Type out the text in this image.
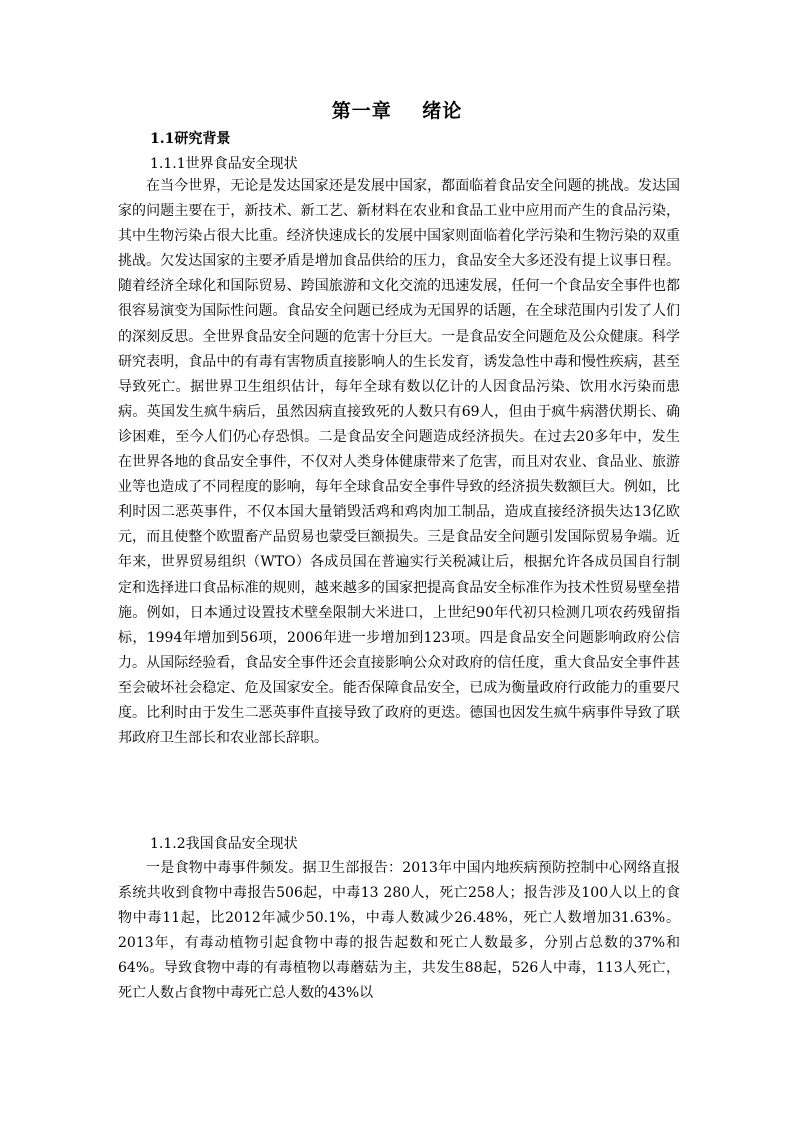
第一章    绪论
1.1研究背景
1.1.1世界食品安全现状

在当今世界，无论是发达国家还是发展中国家，都面临着食品安全问题的挑战。发达国家的问题主要在于，新技术、新工艺、新材料在农业和食品工业中应用而产生的食品污染，其中生物污染占很大比重。经济快速成长的发展中国家则面临着化学污染和生物污染的双重挑战。欠发达国家的主要矛盾是增加食品供给的压力，食品安全大多还没有提上议事日程。随着经济全球化和国际贸易、跨国旅游和文化交流的迅速发展，任何一个食品安全事件也都很容易演变为国际性问题。食品安全问题已经成为无国界的话题，在全球范围内引发了人们的深刻反思。全世界食品安全问题的危害十分巨大。一是食品安全问题危及公众健康。科学研究表明，食品中的有毒有害物质直接影响人的生长发育，诱发急性中毒和慢性疾病，甚至导致死亡。据世界卫生组织估计，每年全球有数以亿计的人因食品污染、饮用水污染而患病。英国发生疯牛病后，虽然因病直接致死的人数只有69人，但由于疯牛病潜伏期长、确诊困难，至今人们仍心存恐惧。二是食品安全问题造成经济损失。在过去20多年中，发生在世界各地的食品安全事件，不仅对人类身体健康带来了危害，而且对农业、食品业、旅游业等也造成了不同程度的影响，每年全球食品安全事件导致的经济损失数额巨大。例如，比利时因二恶英事件，不仅本国大量销毁活鸡和鸡肉加工制品，造成直接经济损失达13亿欧元，而且使整个欧盟畜产品贸易也蒙受巨额损失。三是食品安全问题引发国际贸易争端。近年来，世界贸易组织（WTO）各成员国在普遍实行关税减让后，根据允许各成员国自行制定和选择进口食品标准的规则，越来越多的国家把提高食品安全标准作为技术性贸易壁垒措施。例如，日本通过设置技术壁垒限制大米进口，上世纪90年代初只检测几项农药残留指标，1994年增加到56项，2006年进一步增加到123项。四是食品安全问题影响政府公信力。从国际经验看，食品安全事件还会直接影响公众对政府的信任度，重大食品安全事件甚至会破坏社会稳定、危及国家安全。能否保障食品安全，已成为衡量政府行政能力的重要尺度。比利时由于发生二恶英事件直接导致了政府的更迭。德国也因发生疯牛病事件导致了联邦政府卫生部长和农业部长辞职。

1.1.2我国食品安全现状

一是食物中毒事件频发。据卫生部报告：2013年中国内地疾病预防控制中心网络直报系统共收到食物中毒报告506起，中毒13 280人，死亡258人；报告涉及100人以上的食物中毒11起，比2012年减少50.1%，中毒人数减少26.48%，死亡人数增加31.63%。2013年，有毒动植物引起食物中毒的报告起数和死亡人数最多，分别占总数的37%和64%。导致食物中毒的有毒植物以毒蘑菇为主，共发生88起，526人中毒，113人死亡，死亡人数占食物中毒死亡总人数的43%以
